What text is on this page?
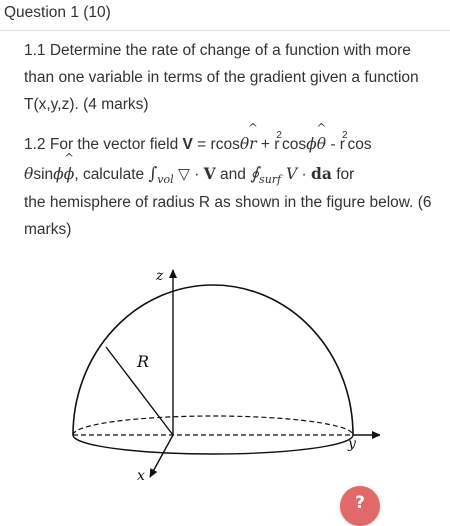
Question 1 (10)
1.1 Determine the rate of change of a function with more than one variable in terms of the gradient given a function T(x,y,z). (4 marks)
1.2 For the vector field V = rcosθr
^
+ $r^2\cos\phi\theta$
^
- $r^2\cos$
θsinϕϕ
^
, calculate $\int_{vol}$ ▽ · V and $∮_{surf}$ V · da for
the hemisphere of radius R as shown in the figure below. (6 marks)
z
y
x
R
?
